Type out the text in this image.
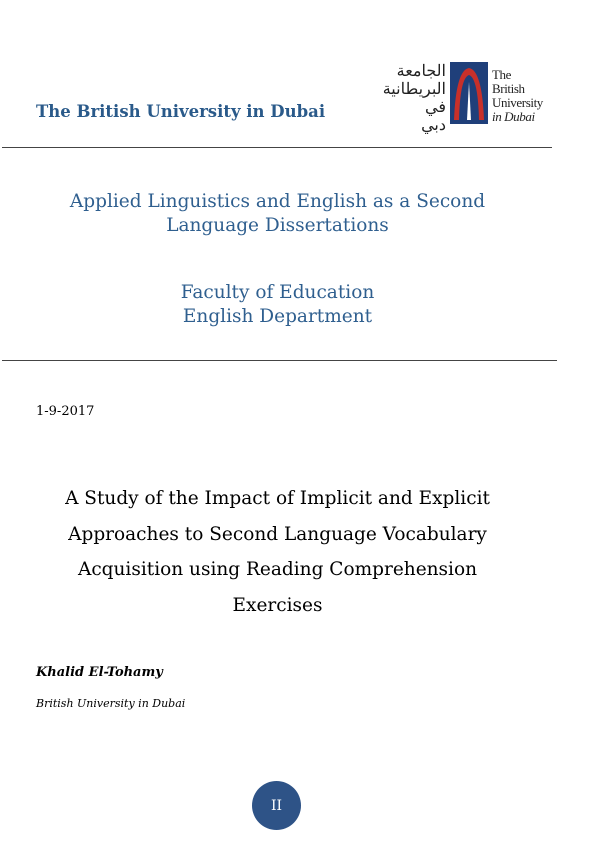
The British University in Dubai
الجامعة
البريطانية في
دبي
The
British University
in Dubai
Applied Linguistics and English as a Second
Language Dissertations
Faculty of Education
English Department
1-9-2017
A Study of the Impact of Implicit and Explicit
Approaches to Second Language Vocabulary
Acquisition using Reading Comprehension
Exercises
Khalid El-Tohamy
British University in Dubai
II
